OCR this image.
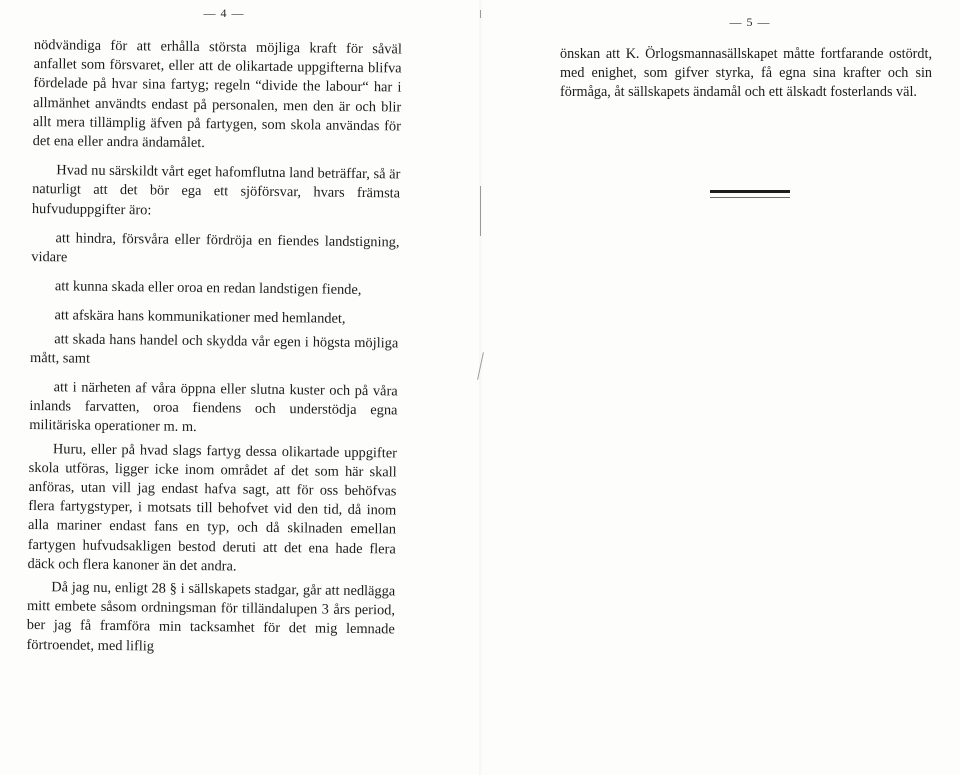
— 4 —

nödvändiga för att erhålla största möjliga kraft för såväl anfallet som försvaret, eller att de olikartade uppgifterna blifva fördelade på hvar sina fartyg; regeln “divide the labour“ har i allmänhet användts endast på personalen, men den är och blir allt mera tillämplig äfven på fartygen, som skola användas för det ena eller andra ändamålet.

Hvad nu särskildt vårt eget hafomflutna land beträffar, så är naturligt att det bör ega ett sjöförsvar, hvars främsta hufvuduppgifter äro:

att hindra, försvåra eller fördröja en fiendes landstigning, vidare

att kunna skada eller oroa en redan landstigen fiende,

att afskära hans kommunikationer med hemlandet,

att skada hans handel och skydda vår egen i högsta möjliga mått, samt

att i närheten af våra öppna eller slutna kuster och på våra inlands farvatten, oroa fiendens och understödja egna militäriska operationer m. m.

Huru, eller på hvad slags fartyg dessa olikartade uppgifter skola utföras, ligger icke inom området af det som här skall anföras, utan vill jag endast hafva sagt, att för oss behöfvas flera fartygstyper, i motsats till behofvet vid den tid, då inom alla mariner endast fans en typ, och då skilnaden emellan fartygen hufvudsakligen bestod deruti att det ena hade flera däck och flera kanoner än det andra.

Då jag nu, enligt 28 § i sällskapets stadgar, går att nedlägga mitt embete såsom ordningsman för tilländalupen 3 års period, ber jag få framföra min tacksamhet för det mig lemnade förtroendet, med liflig

— 5 —

önskan att K. Örlogsmannasällskapet måtte fortfarande ostördt, med enighet, som gifver styrka, få egna sina krafter och sin förmåga, åt sällskapets ändamål och ett älskadt fosterlands väl.
